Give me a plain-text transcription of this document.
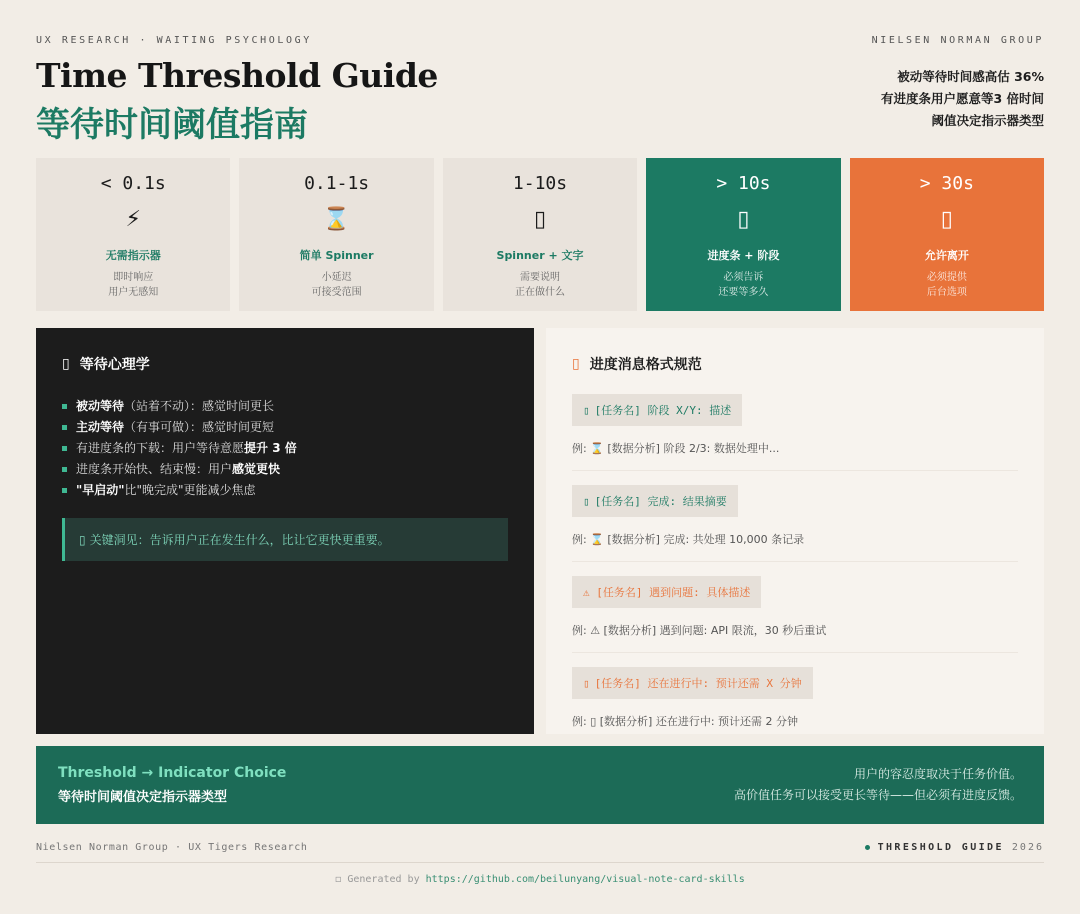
UX RESEARCH · WAITING PSYCHOLOGY	NIELSEN NORMAN GROUP
Time Threshold Guide
等待时间阈值指南
被动等待时间感高估 36%
有进度条用户愿意等3 倍时间
阈值决定指示器类型
< 0.1s
⚡
无需指示器
即时响应
用户无感知
0.1-1s
⌛
简单 Spinner
小延迟
可接受范围
1-10s
▯
Spinner + 文字
需要说明
正在做什么
> 10s
▯
进度条 + 阶段
必须告诉
还要等多久
> 30s
▯
允许离开
必须提供
后台选项
▯ 等待心理学
被动等待（站着不动）：感觉时间更长
主动等待（有事可做）：感觉时间更短
有进度条的下载：用户等待意愿提升 3 倍
进度条开始快、结束慢：用户感觉更快
"早启动"比"晚完成"更能减少焦虑
▯ 关键洞见：告诉用户正在发生什么，比让它更快更重要。
▯ 进度消息格式规范
▯ [任务名] 阶段 X/Y: 描述
例: ⌛ [数据分析] 阶段 2/3: 数据处理中...
▯ [任务名] 完成: 结果摘要
例: ⌛ [数据分析] 完成: 共处理 10,000 条记录
⚠ [任务名] 遇到问题: 具体描述
例: ⚠ [数据分析] 遇到问题: API 限流，30 秒后重试
▯ [任务名] 还在进行中: 预计还需 X 分钟
例: ▯ [数据分析] 还在进行中: 预计还需 2 分钟
Threshold → Indicator Choice
等待时间阈值决定指示器类型
用户的容忍度取决于任务价值。
高价值任务可以接受更长等待——但必须有进度反馈。
Nielsen Norman Group · UX Tigers Research	THRESHOLD GUIDE 2026
◻ Generated by https://github.com/beilunyang/visual-note-card-skills
